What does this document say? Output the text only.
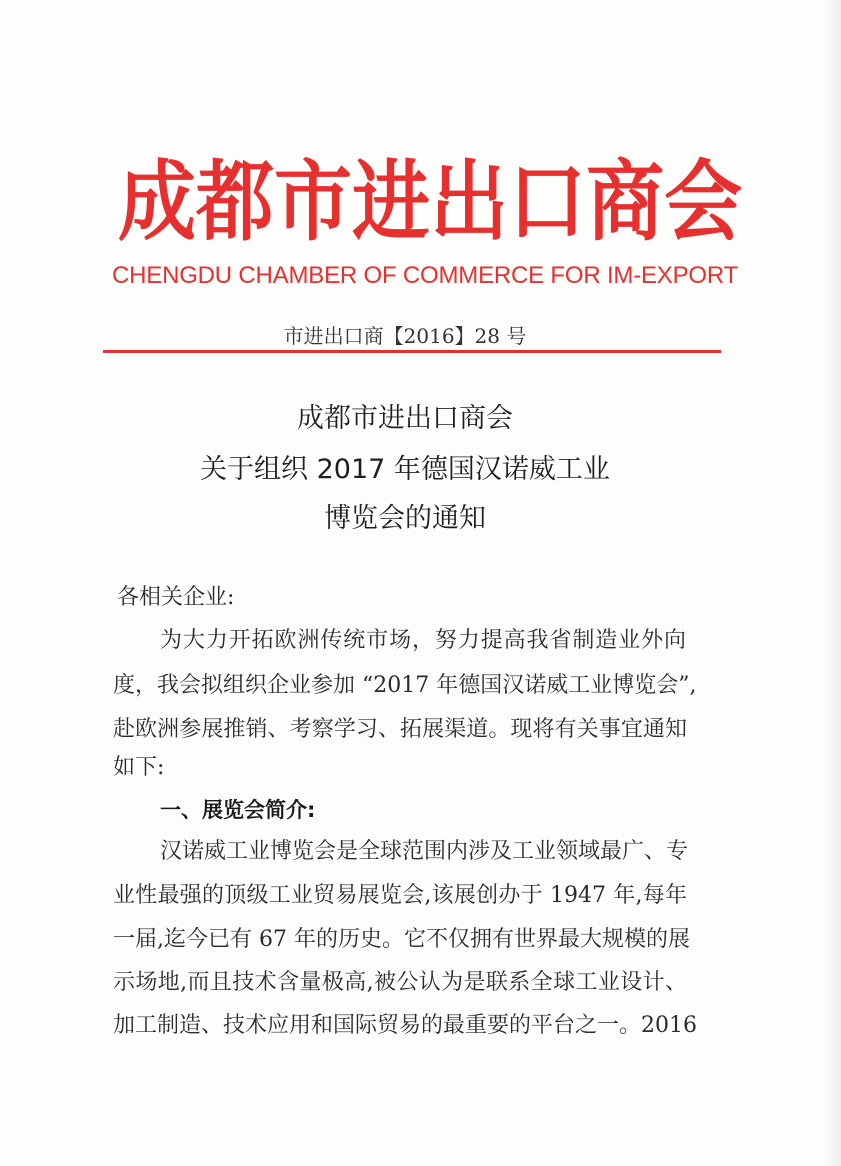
成 都 市 进 出 口 商 会
CHENGDU CHAMBER OF COMMERCE FOR IM-EXPORT
市进出口商【2016】28 号
成都市进出口商会
关于组织 2017 年德国汉诺威工业
博览会的通知
各相关企业:
为大力开拓欧洲传统市场，努力提高我省制造业外向
度，我会拟组织企业参加 “2017 年德国汉诺威工业博览会”,
赴欧洲参展推销、考察学习、拓展渠道。现将有关事宜通知
如下:
一、展览会简介:
汉诺威工业博览会是全球范围内涉及工业领域最广、专
业性最强的顶级工业贸易展览会,该展创办于 1947 年,每年
一届,迄今已有 67 年的历史。它不仅拥有世界最大规模的展
示场地,而且技术含量极高,被公认为是联系全球工业设计、
加工制造、技术应用和国际贸易的最重要的平台之一。2016
